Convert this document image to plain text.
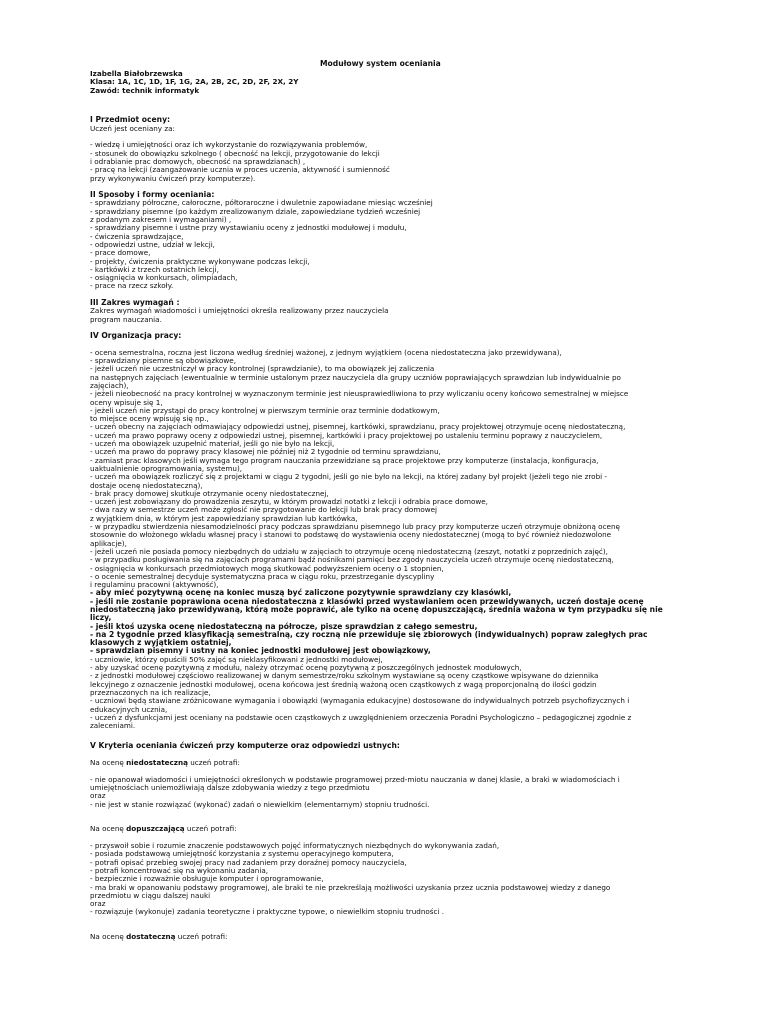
Modułowy system oceniania
Izabella Białobrzewska
Klasa: 1A, 1C, 1D, 1F, 1G, 2A, 2B, 2C, 2D, 2F, 2X, 2Y
Zawód: technik informatyk
I Przedmiot oceny:
Uczeń jest oceniany za:
- wiedzę i umiejętności oraz ich wykorzystanie do rozwiązywania problemów,
- stosunek do obowiązku szkolnego ( obecność na lekcji, przygotowanie do lekcji
i odrabianie prac domowych, obecność na sprawdzianach) ,
- pracę na lekcji (zaangażowanie ucznia w proces uczenia, aktywność i sumienność
przy wykonywaniu ćwiczeń przy komputerze).
II Sposoby i formy oceniania:
- sprawdziany półroczne, całoroczne, półtoraroczne i dwuletnie zapowiadane miesiąc wcześniej
- sprawdziany pisemne (po każdym zrealizowanym dziale, zapowiedziane tydzień wcześniej
z podanym zakresem i wymaganiami) ,
- sprawdziany pisemne i ustne przy wystawianiu oceny z jednostki modułowej i modułu,
- ćwiczenia sprawdzające,
- odpowiedzi ustne, udział w lekcji,
- prace domowe,
- projekty, ćwiczenia praktyczne wykonywane podczas lekcji,
- kartkówki z trzech ostatnich lekcji,
- osiągnięcia w konkursach, olimpiadach,
- prace na rzecz szkoły.
III Zakres wymagań :
Zakres wymagań wiadomości i umiejętności określa realizowany przez nauczyciela
program nauczania.
IV Organizacja pracy:
- ocena semestralna, roczna jest liczona według średniej ważonej, z jednym wyjątkiem (ocena niedostateczna jako przewidywana),
- sprawdziany pisemne są obowiązkowe,
- jeżeli uczeń nie uczestniczył w pracy kontrolnej (sprawdzianie), to ma obowiązek jej zaliczenia
na następnych zajęciach (ewentualnie w terminie ustalonym przez nauczyciela dla grupy uczniów poprawiających sprawdzian lub indywidualnie po
zajęciach),
- jeżeli nieobecność na pracy kontrolnej w wyznaczonym terminie jest nieusprawiedliwiona to przy wyliczaniu oceny końcowo semestralnej w miejsce
oceny wpisuje się 1,
- jeżeli uczeń nie przystąpi do pracy kontrolnej w pierwszym terminie oraz terminie dodatkowym,
to miejsce oceny wpisuję się np.,
- uczeń obecny na zajęciach odmawiający odpowiedzi ustnej, pisemnej, kartkówki, sprawdzianu, pracy projektowej otrzymuje ocenę niedostateczną,
- uczeń ma prawo poprawy oceny z odpowiedzi ustnej, pisemnej, kartkówki i pracy projektowej po ustaleniu terminu poprawy z nauczycielem,
- uczeń ma obowiązek uzupełnić materiał, jeśli go nie było na lekcji,
- uczeń ma prawo do poprawy pracy klasowej nie później niż 2 tygodnie od terminu sprawdzianu,
- zamiast prac klasowych jeśli wymaga tego program nauczania przewidziane są prace projektowe przy komputerze (instalacja, konfiguracja,
uaktualnienie oprogramowania, systemu),
- uczeń ma obowiązek rozliczyć się z projektami w ciągu 2 tygodni, jeśli go nie było na lekcji, na której zadany był projekt (jeżeli tego nie zrobi -
dostaje ocenę niedostateczną),
- brak pracy domowej skutkuje otrzymanie oceny niedostatecznej,
- uczeń jest zobowiązany do prowadzenia zeszytu, w którym prowadzi notatki z lekcji i odrabia prace domowe,
- dwa razy w semestrze uczeń może zgłosić nie przygotowanie do lekcji lub brak pracy domowej
z wyjątkiem dnia, w którym jest zapowiedziany sprawdzian lub kartkówka,
- w przypadku stwierdzenia niesamodzielności pracy podczas sprawdzianu pisemnego lub pracy przy komputerze uczeń otrzymuje obniżoną ocenę
stosownie do włożonego wkładu własnej pracy i stanowi to podstawę do wystawienia oceny niedostatecznej (mogą to być również niedozwolone
aplikacje),
- jeżeli uczeń nie posiada pomocy niezbędnych do udziału w zajęciach to otrzymuje ocenę niedostateczną (zeszyt, notatki z poprzednich zajęć),
- w przypadku posługiwania się na zajęciach programami bądź nośnikami pamięci bez zgody nauczyciela uczeń otrzymuje ocenę niedostateczną,
- osiągnięcia w konkursach przedmiotowych mogą skutkować podwyższeniem oceny o 1 stopnien,
- o ocenie semestralnej decyduje systematyczna praca w ciągu roku, przestrzeganie dyscypliny
i regulaminu pracowni (aktywność),
- aby mieć pozytywną ocenę na koniec muszą być zaliczone pozytywnie sprawdziany czy klasówki,
- jeśli nie zostanie poprawiona ocena niedostateczna z klasówki przed wystawianiem ocen przewidywanych, uczeń dostaje ocenę
niedostateczną jako przewidywaną, którą może poprawić, ale tylko na ocenę dopuszczającą, średnia ważona w tym przypadku się nie
liczy,
- jeśli ktoś uzyska ocenę niedostateczną na półrocze, pisze sprawdzian z całego semestru,
- na 2 tygodnie przed klasyfikacją semestralną, czy roczną nie przewiduje się zbiorowych (indywidualnych) popraw zaległych prac
klasowych z wyjątkiem ostatniej,
- sprawdzian pisemny i ustny na koniec jednostki modułowej jest obowiązkowy,
- uczniowie, którzy opuścili 50% zajęć są nieklasyfikowani z jednostki modułowej,
- aby uzyskać ocenę pozytywną z modułu, należy otrzymać ocenę pozytywną z poszczególnych jednostek modułowych,
- z jednostki modułowej częściowo realizowanej w danym semestrze/roku szkolnym wystawiane są oceny cząstkowe wpisywane do dziennika
lekcyjnego z oznaczenie jednostki modułowej, ocena końcowa jest średnią ważoną ocen cząstkowych z wagą proporcjonalną do ilości godzin
przeznaczonych na ich realizacje,
- uczniowi będą stawiane zróżnicowane wymagania i obowiązki (wymagania edukacyjne) dostosowane do indywidualnych potrzeb psychofizycznych i
edukacyjnych ucznia,
- uczeń z dysfunkcjami jest oceniany na podstawie ocen cząstkowych z uwzględnieniem orzeczenia Poradni Psychologiczno – pedagogicznej zgodnie z
zaleceniami.
V Kryteria oceniania ćwiczeń przy komputerze oraz odpowiedzi ustnych:
Na ocenę niedostateczną uczeń potrafi:
- nie opanował wiadomości i umiejętności określonych w podstawie programowej przed-miotu nauczania w danej klasie, a braki w wiadomościach i
umiejętnościach uniemożliwiają dalsze zdobywania wiedzy z tego przedmiotu
oraz
- nie jest w stanie rozwiązać (wykonać) zadań o niewielkim (elementarnym) stopniu trudności.
Na ocenę dopuszczającą uczeń potrafi:
- przyswoił sobie i rozumie znaczenie podstawowych pojęć informatycznych niezbędnych do wykonywania zadań,
- posiada podstawową umiejętność korzystania z systemu operacyjnego komputera,
- potrafi opisać przebieg swojej pracy nad zadaniem przy doraźnej pomocy nauczyciela,
- potrafi koncentrować się na wykonaniu zadania,
- bezpiecznie i rozważnie obsługuje komputer i oprogramowanie,
- ma braki w opanowaniu podstawy programowej, ale braki te nie przekreślają możliwości uzyskania przez ucznia podstawowej wiedzy z danego
przedmiotu w ciągu dalszej nauki
oraz
- rozwiązuje (wykonuje) zadania teoretyczne i praktyczne typowe, o niewielkim stopniu trudności .
Na ocenę dostateczną uczeń potrafi:
